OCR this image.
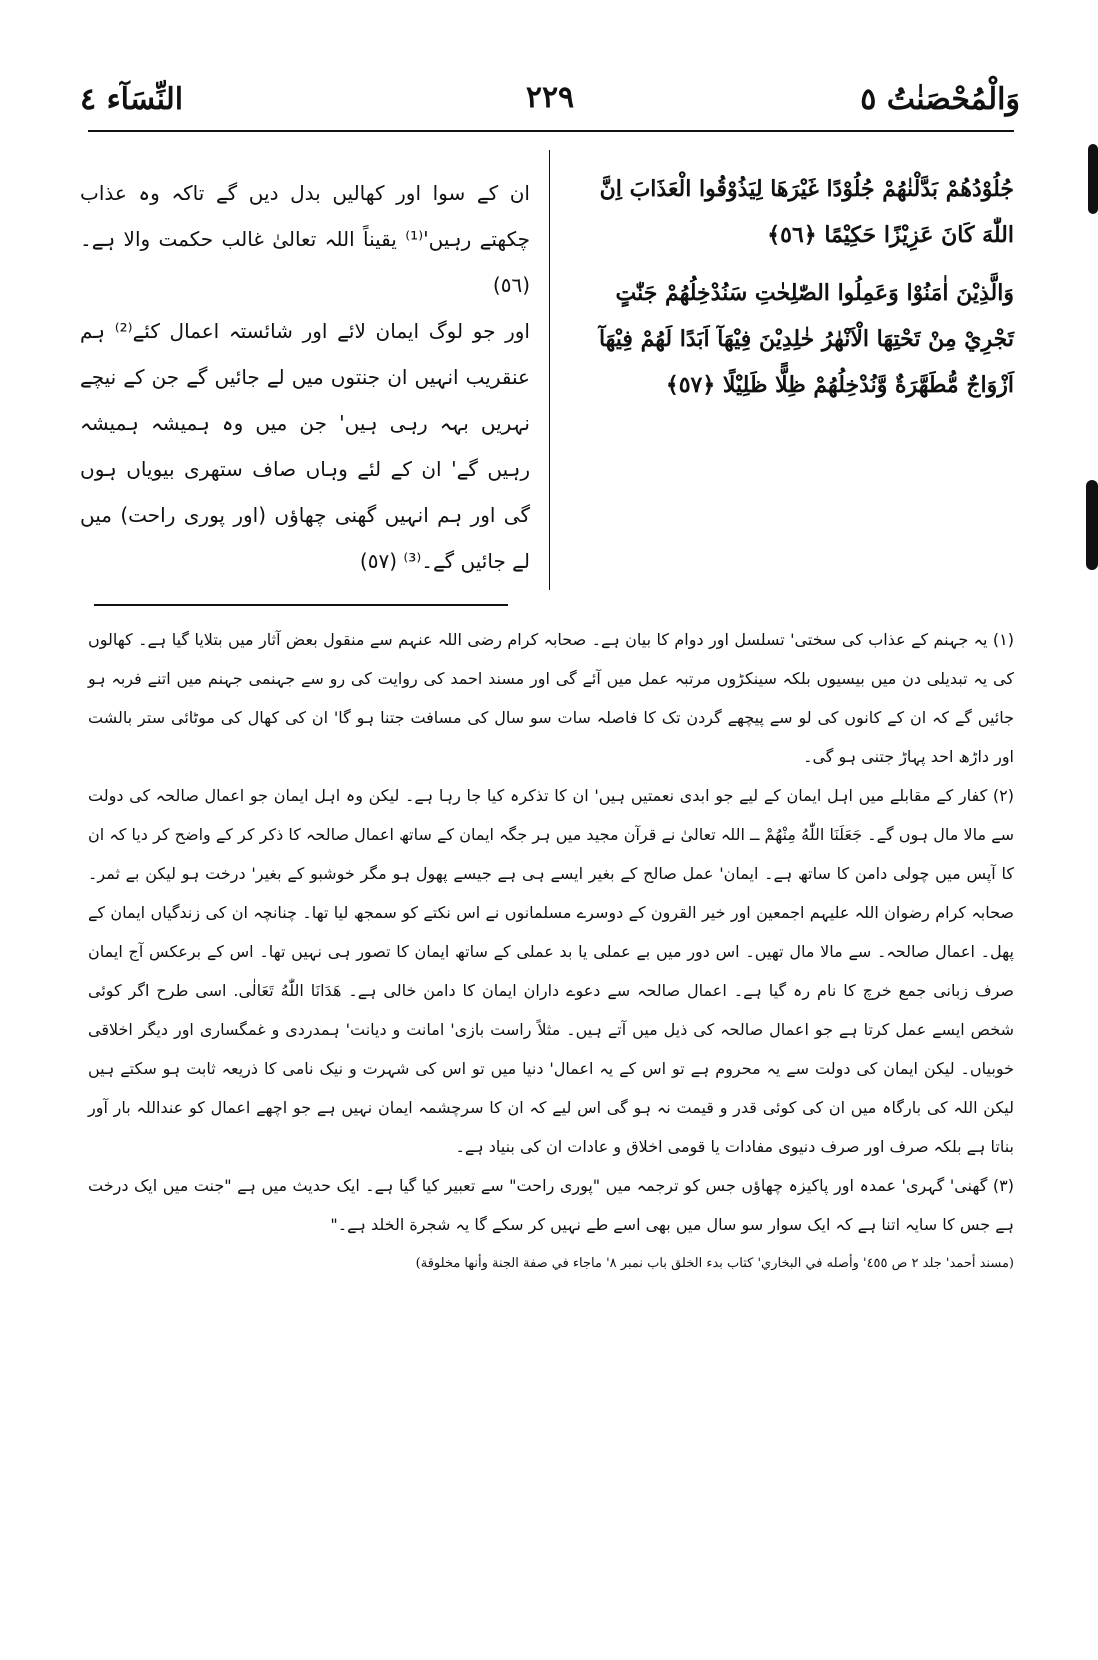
وَالْمُحْصَنٰتُ ٥
٢٢٩
النِّسَآء ٤

جُلُوْدُهُمْ بَدَّلْنٰهُمْ جُلُوْدًا غَيْرَهَا لِيَذُوْقُوا الْعَذَابَ اِنَّ اللّٰهَ كَانَ عَزِيْزًا حَكِيْمًا ﴿٥٦﴾

وَالَّذِيْنَ اٰمَنُوْا وَعَمِلُوا الصّٰلِحٰتِ سَنُدْخِلُهُمْ جَنّٰتٍ تَجْرِيْ مِنْ تَحْتِهَا الْاَنْهٰرُ خٰلِدِيْنَ فِيْهَآ اَبَدًا لَهُمْ فِيْهَآ اَزْوَاجٌ مُّطَهَّرَةٌ وَّنُدْخِلُهُمْ ظِلًّا ظَلِيْلًا ﴿٥٧﴾

ان کے سوا اور کھالیں بدل دیں گے تاکہ وہ عذاب چکھتے رہیں'⁽¹⁾ یقیناً اللہ تعالیٰ غالب حکمت والا ہے۔(٥٦)

اور جو لوگ ایمان لائے اور شائستہ اعمال کئے⁽²⁾ ہم عنقریب انہیں ان جنتوں میں لے جائیں گے جن کے نیچے نہریں بہہ رہی ہیں' جن میں وہ ہمیشہ ہمیشہ رہیں گے' ان کے لئے وہاں صاف ستھری بیویاں ہوں گی اور ہم انہیں گھنی چھاؤں (اور پوری راحت) میں لے جائیں گے۔⁽³⁾ (٥٧)

(١) یہ جہنم کے عذاب کی سختی' تسلسل اور دوام کا بیان ہے۔ صحابہ کرام رضی اللہ عنہم سے منقول بعض آثار میں بتلایا گیا ہے۔ کھالوں کی یہ تبدیلی دن میں بیسیوں بلکہ سینکڑوں مرتبہ عمل میں آئے گی اور مسند احمد کی روایت کی رو سے جہنمی جہنم میں اتنے فربہ ہو جائیں گے کہ ان کے کانوں کی لو سے پیچھے گردن تک کا فاصلہ سات سو سال کی مسافت جتنا ہو گا' ان کی کھال کی موٹائی ستر بالشت اور داڑھ احد پہاڑ جتنی ہو گی۔

(٢) کفار کے مقابلے میں اہل ایمان کے لیے جو ابدی نعمتیں ہیں' ان کا تذکرہ کیا جا رہا ہے۔ لیکن وہ اہل ایمان جو اعمال صالحہ کی دولت سے مالا مال ہوں گے۔ جَعَلَنَا اللّٰهُ مِنْهُمْ ــ اللہ تعالیٰ نے قرآن مجید میں ہر جگہ ایمان کے ساتھ اعمال صالحہ کا ذکر کر کے واضح کر دیا کہ ان کا آپس میں چولی دامن کا ساتھ ہے۔ ایمان' عمل صالح کے بغیر ایسے ہی ہے جیسے پھول ہو مگر خوشبو کے بغیر' درخت ہو لیکن بے ثمر۔ صحابہ کرام رضوان اللہ علیہم اجمعین اور خیر القرون کے دوسرے مسلمانوں نے اس نکتے کو سمجھ لیا تھا۔ چنانچہ ان کی زندگیاں ایمان کے پھل۔ اعمال صالحہ۔ سے مالا مال تھیں۔ اس دور میں بے عملی یا بد عملی کے ساتھ ایمان کا تصور ہی نہیں تھا۔ اس کے برعکس آج ایمان صرف زبانی جمع خرچ کا نام رہ گیا ہے۔ اعمال صالحہ سے دعوے داران ایمان کا دامن خالی ہے۔ هَدَانَا اللّٰهُ تَعَالٰى. اسی طرح اگر کوئی شخص ایسے عمل کرتا ہے جو اعمال صالحہ کی ذیل میں آتے ہیں۔ مثلاً راست بازی' امانت و دیانت' ہمدردی و غمگساری اور دیگر اخلاقی خوبیاں۔ لیکن ایمان کی دولت سے یہ محروم ہے تو اس کے یہ اعمال' دنیا میں تو اس کی شہرت و نیک نامی کا ذریعہ ثابت ہو سکتے ہیں لیکن اللہ کی بارگاہ میں ان کی کوئی قدر و قیمت نہ ہو گی اس لیے کہ ان کا سرچشمہ ایمان نہیں ہے جو اچھے اعمال کو عنداللہ بار آور بناتا ہے بلکہ صرف اور صرف دنیوی مفادات یا قومی اخلاق و عادات ان کی بنیاد ہے۔

(٣) گھنی' گہری' عمدہ اور پاکیزہ چھاؤں جس کو ترجمہ میں "پوری راحت" سے تعبیر کیا گیا ہے۔ ایک حدیث میں ہے "جنت میں ایک درخت ہے جس کا سایہ اتنا ہے کہ ایک سوار سو سال میں بھی اسے طے نہیں کر سکے گا یہ شجرة الخلد ہے۔"

(مسند أحمد' جلد ٢ ص ٤٥٥' وأصله في البخاري' كتاب بدء الخلق باب نمبر ٨' ماجاء في صفة الجنة وأنها مخلوقة)
